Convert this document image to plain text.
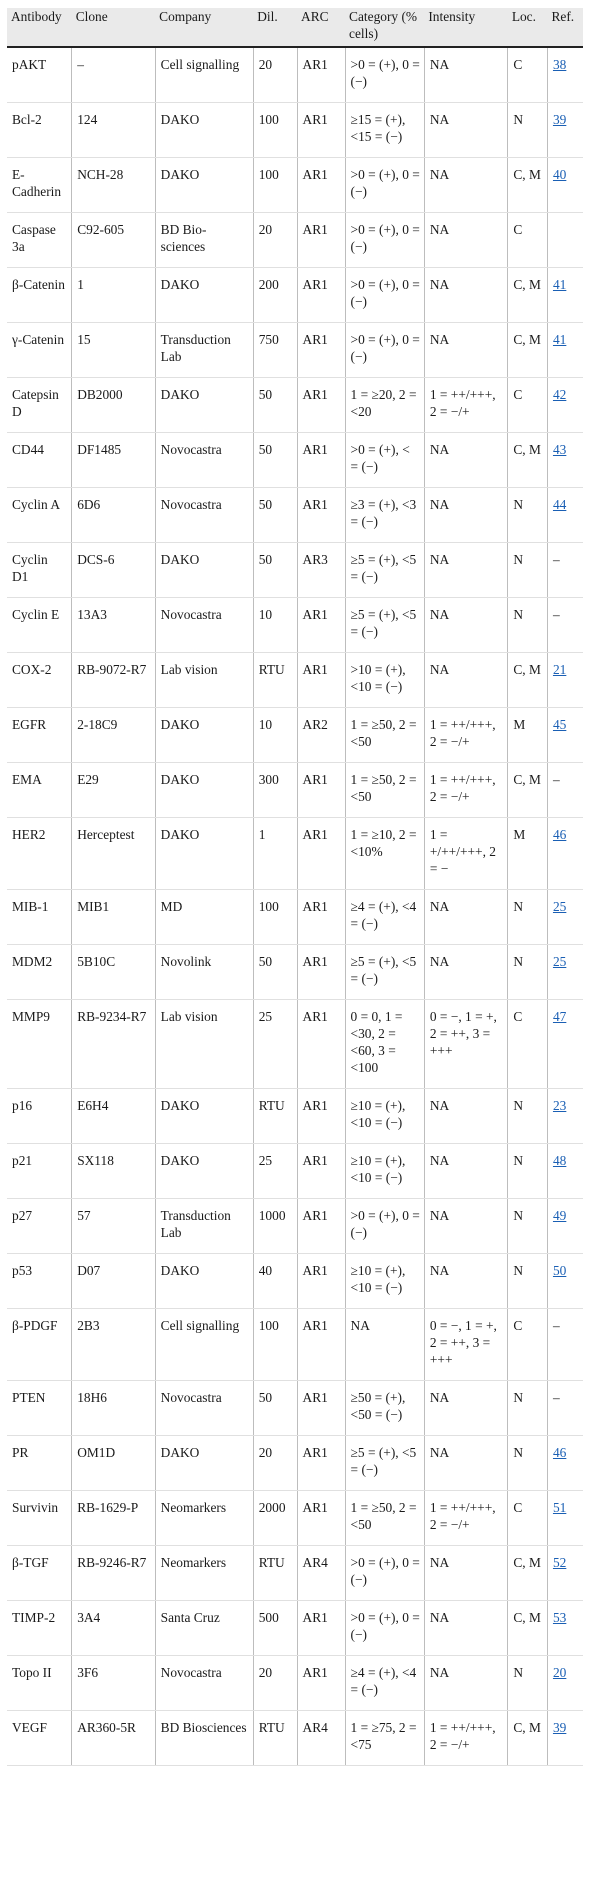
Antibody	Clone	Company	Dil.	ARC	Category (% cells)	Intensity	Loc.	Ref.
pAKT	–	Cell signalling	20	AR1	>0 = (+), 0 = (−)	NA	C	38
Bcl-2	124	DAKO	100	AR1	≥15 = (+), <15 = (−)	NA	N	39
E-Cadherin	NCH-28	DAKO	100	AR1	>0 = (+), 0 = (−)	NA	C, M	40
Caspase 3a	C92-605	BD Bio-sciences	20	AR1	>0 = (+), 0 = (−)	NA	C	
β-Catenin	1	DAKO	200	AR1	>0 = (+), 0 = (−)	NA	C, M	41
γ-Catenin	15	Transduction Lab	750	AR1	>0 = (+), 0 = (−)	NA	C, M	41
Catepsin D	DB2000	DAKO	50	AR1	1 = ≥20, 2 = <20	1 = ++/+++, 2 = −/+	C	42
CD44	DF1485	Novocastra	50	AR1	>0 = (+), < = (−)	NA	C, M	43
Cyclin A	6D6	Novocastra	50	AR1	≥3 = (+), <3 = (−)	NA	N	44
Cyclin D1	DCS-6	DAKO	50	AR3	≥5 = (+), <5 = (−)	NA	N	–
Cyclin E	13A3	Novocastra	10	AR1	≥5 = (+), <5 = (−)	NA	N	–
COX-2	RB-9072-R7	Lab vision	RTU	AR1	>10 = (+), <10 = (−)	NA	C, M	21
EGFR	2-18C9	DAKO	10	AR2	1 = ≥50, 2 = <50	1 = ++/+++, 2 = −/+	M	45
EMA	E29	DAKO	300	AR1	1 = ≥50, 2 = <50	1 = ++/+++, 2 = −/+	C, M	–
HER2	Herceptest	DAKO	1	AR1	1 = ≥10, 2 = <10%	1 = +/++/+++, 2 = −	M	46
MIB-1	MIB1	MD	100	AR1	≥4 = (+), <4 = (−)	NA	N	25
MDM2	5B10C	Novolink	50	AR1	≥5 = (+), <5 = (−)	NA	N	25
MMP9	RB-9234-R7	Lab vision	25	AR1	0 = 0, 1 = <30, 2 = <60, 3 = <100	0 = −, 1 = +, 2 = ++, 3 = +++	C	47
p16	E6H4	DAKO	RTU	AR1	≥10 = (+), <10 = (−)	NA	N	23
p21	SX118	DAKO	25	AR1	≥10 = (+), <10 = (−)	NA	N	48
p27	57	Transduction Lab	1000	AR1	>0 = (+), 0 = (−)	NA	N	49
p53	D07	DAKO	40	AR1	≥10 = (+), <10 = (−)	NA	N	50
β-PDGF	2B3	Cell signalling	100	AR1	NA	0 = −, 1 = +, 2 = ++, 3 = +++	C	–
PTEN	18H6	Novocastra	50	AR1	≥50 = (+), <50 = (−)	NA	N	–
PR	OM1D	DAKO	20	AR1	≥5 = (+), <5 = (−)	NA	N	46
Survivin	RB-1629-P	Neomarkers	2000	AR1	1 = ≥50, 2 = <50	1 = ++/+++, 2 = −/+	C	51
β-TGF	RB-9246-R7	Neomarkers	RTU	AR4	>0 = (+), 0 = (−)	NA	C, M	52
TIMP-2	3A4	Santa Cruz	500	AR1	>0 = (+), 0 = (−)	NA	C, M	53
Topo II	3F6	Novocastra	20	AR1	≥4 = (+), <4 = (−)	NA	N	20
VEGF	AR360-5R	BD Biosciences	RTU	AR4	1 = ≥75, 2 = <75	1 = ++/+++, 2 = −/+	C, M	39
